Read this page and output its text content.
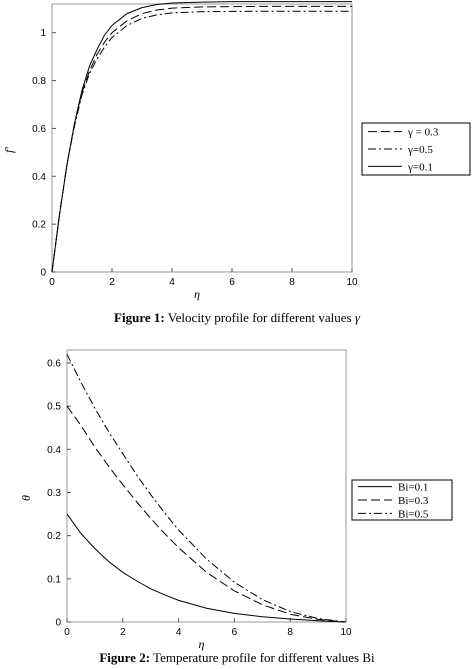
0	2	4	6	8	10
0
0.2
0.4
0.6
0.8
1
η
f'
γ = 0.3
γ=0.5
γ=0.1
0	2	4	6	8	10
0
0.1
0.2
0.3
0.4
0.5
0.6
η
θ
Bi=0.1
Bi=0.3
Bi=0.5
Figure 1: Velocity profile for different values γ
Figure 2: Temperature profile for different values Bi
